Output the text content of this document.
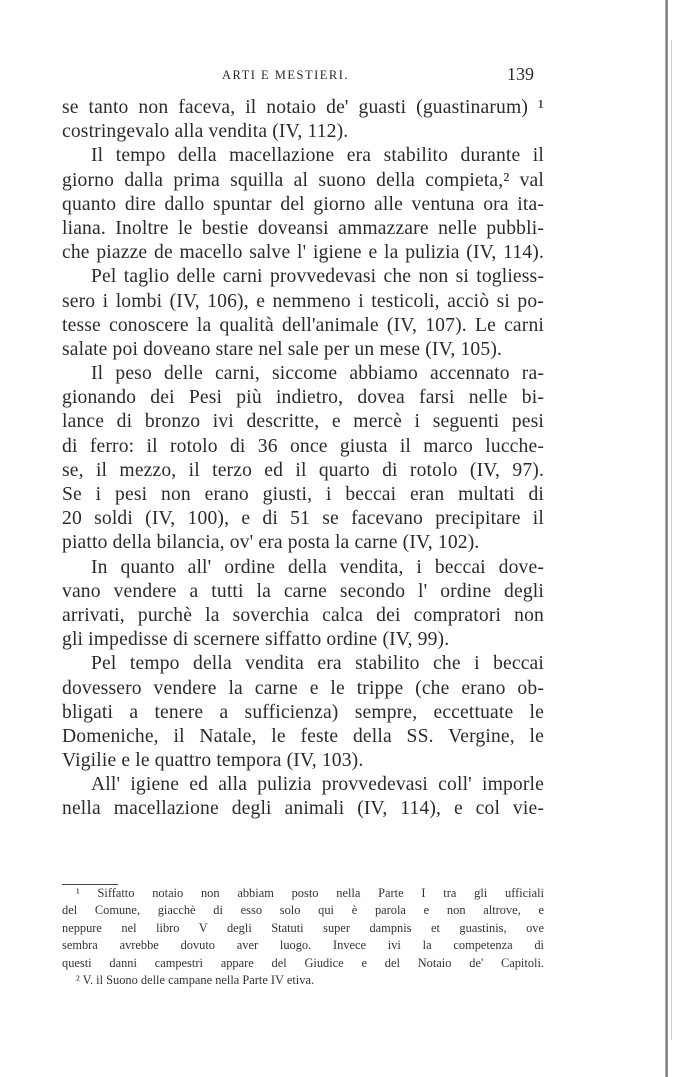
ARTI E MESTIERI.	139
se tanto non faceva, il notaio de' guasti (guastinarum) ¹
costringevalo alla vendita (IV, 112).
Il tempo della macellazione era stabilito durante il
giorno dalla prima squilla al suono della compieta,² val
quanto dire dallo spuntar del giorno alle ventuna ora ita-
liana. Inoltre le bestie doveansi ammazzare nelle pubbli-
che piazze de macello salve l' igiene e la pulizia (IV, 114).
Pel taglio delle carni provvedevasi che non si togliess-
sero i lombi (IV, 106), e nemmeno i testicoli, acciò si po-
tesse conoscere la qualità dell'animale (IV, 107). Le carni
salate poi doveano stare nel sale per un mese (IV, 105).
Il peso delle carni, siccome abbiamo accennato ra-
gionando dei Pesi più indietro, dovea farsi nelle bi-
lance di bronzo ivi descritte, e mercè i seguenti pesi
di ferro: il rotolo di 36 once giusta il marco lucche-
se, il mezzo, il terzo ed il quarto di rotolo (IV, 97).
Se i pesi non erano giusti, i beccai eran multati di
20 soldi (IV, 100), e di 51 se facevano precipitare il
piatto della bilancia, ov' era posta la carne (IV, 102).
In quanto all' ordine della vendita, i beccai dove-
vano vendere a tutti la carne secondo l' ordine degli
arrivati, purchè la soverchia calca dei compratori non
gli impedisse di scernere siffatto ordine (IV, 99).
Pel tempo della vendita era stabilito che i beccai
dovessero vendere la carne e le trippe (che erano ob-
bligati a tenere a sufficienza) sempre, eccettuate le
Domeniche, il Natale, le feste della SS. Vergine, le
Vigilie e le quattro tempora (IV, 103).
All' igiene ed alla pulizia provvedevasi coll' imporle
nella macellazione degli animali (IV, 114), e col vie-
¹ Siffatto notaio non abbiam posto nella Parte I tra gli ufficiali
del Comune, giacchè di esso solo qui è parola e non altrove, e
neppure nel libro V degli Statuti super dampnis et guastinis, ove
sembra avrebbe dovuto aver luogo. Invece ivi la competenza di
questi danni campestri appare del Giudice e del Notaio de' Capitoli.
² V. il Suono delle campane nella Parte IV etiva.
